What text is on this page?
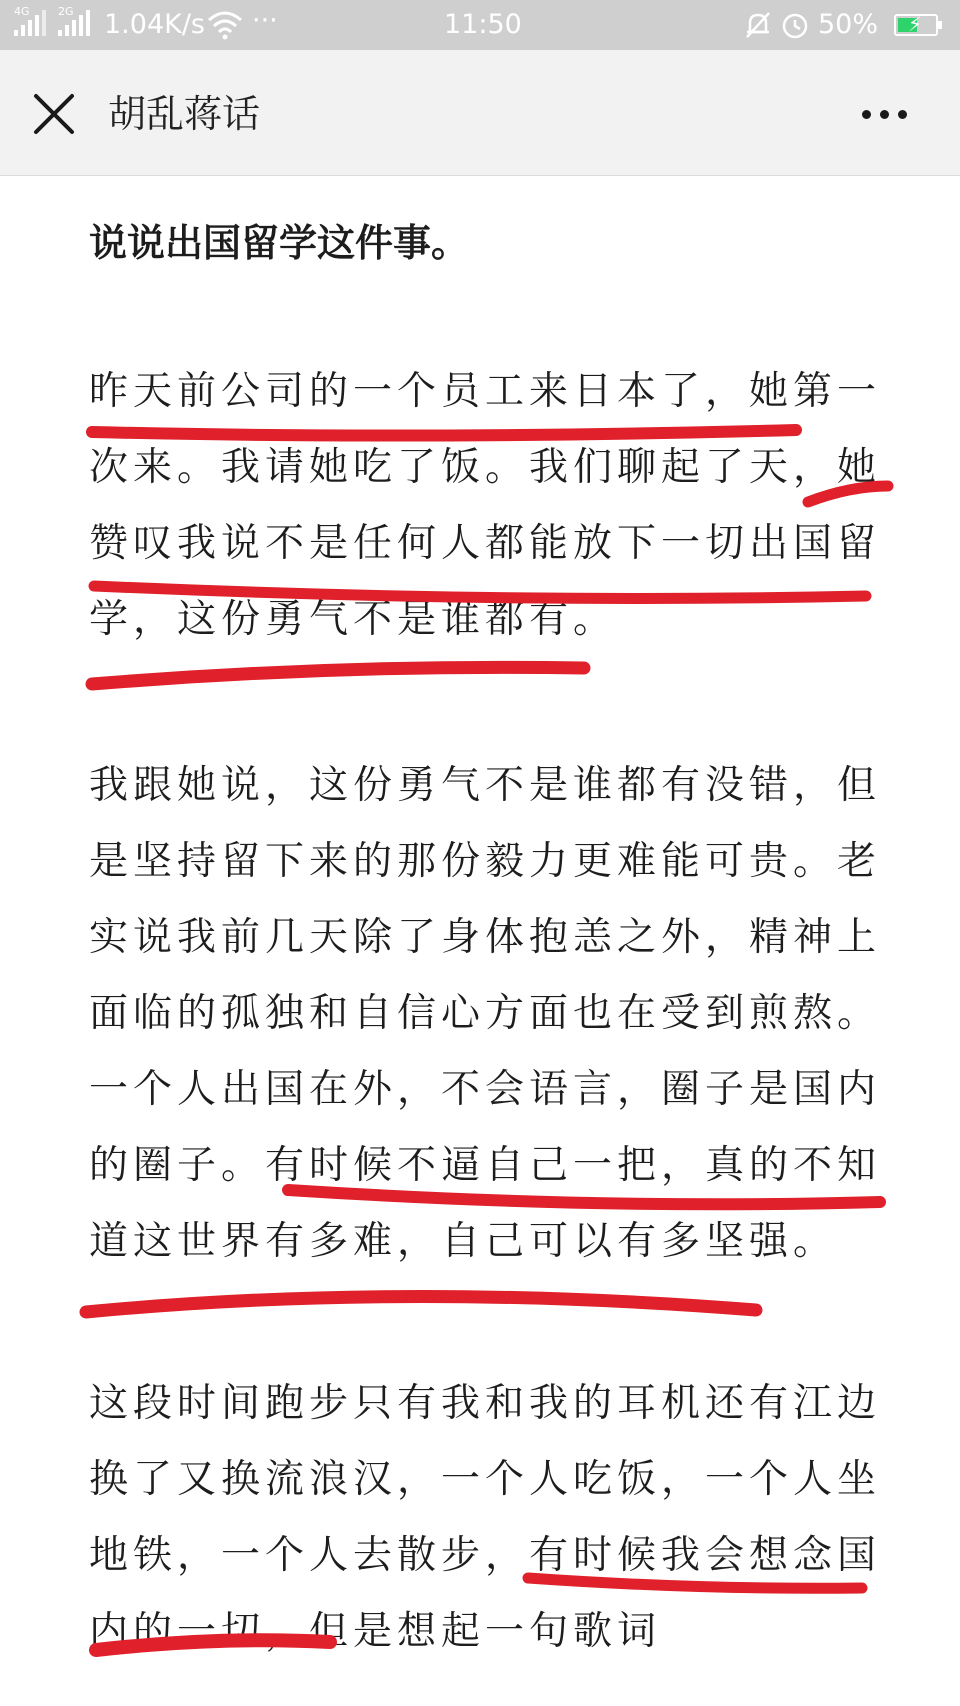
4G	2G 1.04K/s ···	11:50	50% ⚡
胡乱蒋话
说说出国留学这件事。
昨天前公司的一个员工来日本了，她第一
次来。我请她吃了饭。我们聊起了天，她
赞叹我说不是任何人都能放下一切出国留
学，这份勇气不是谁都有。
我跟她说，这份勇气不是谁都有没错，但
是坚持留下来的那份毅力更难能可贵。老
实说我前几天除了身体抱恙之外，精神上
面临的孤独和自信心方面也在受到煎熬。
一个人出国在外，不会语言，圈子是国内
的圈子。有时候不逼自己一把，真的不知
道这世界有多难，自己可以有多坚强。
这段时间跑步只有我和我的耳机还有江边
换了又换流浪汉，一个人吃饭，一个人坐
地铁，一个人去散步，有时候我会想念国
内的一切，但是想起一句歌词
